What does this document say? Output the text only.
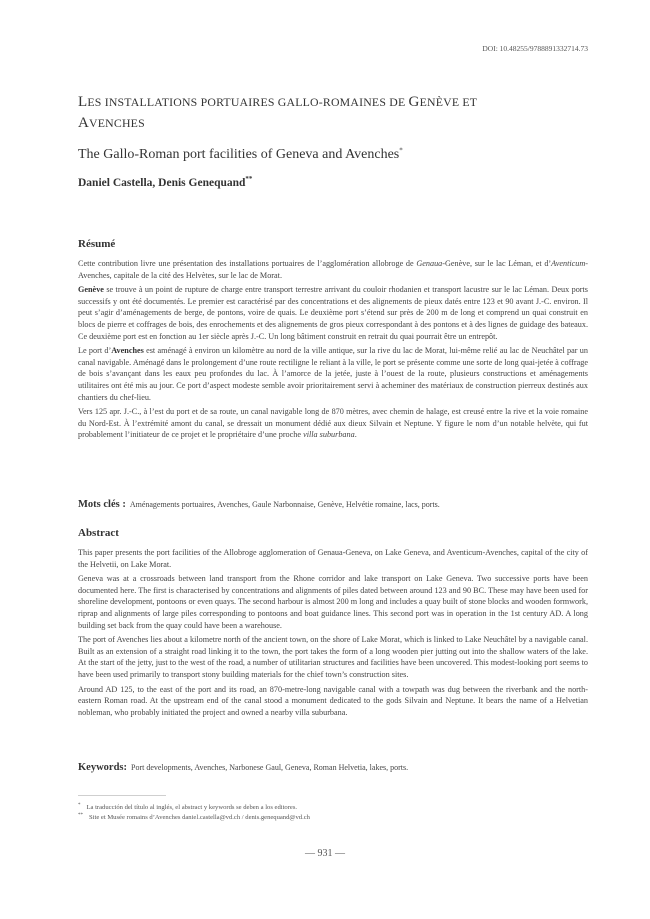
DOI: 10.48255/9788891332714.73
LES INSTALLATIONS PORTUAIRES GALLO-ROMAINES DE GENÈVE ET
AVENCHES
The Gallo-Roman port facilities of Geneva and Avenches*
Daniel Castella, Denis Genequand**
Résumé

Cette contribution livre une présentation des installations portuaires de l’agglomération allobroge de Genaua-Genève, sur le lac Léman, et d’Aventicum-Avenches, capitale de la cité des Helvètes, sur le lac de Morat.

Genève se trouve à un point de rupture de charge entre transport terrestre arrivant du couloir rhodanien et transport lacustre sur le lac Léman. Deux ports successifs y ont été documentés. Le premier est caractérisé par des concentrations et des alignements de pieux datés entre 123 et 90 avant J.-C. environ. Il peut s’agir d’aménagements de berge, de pontons, voire de quais. Le deuxième port s’étend sur près de 200 m de long et comprend un quai construit en blocs de pierre et coffrages de bois, des enrochements et des alignements de gros pieux correspondant à des pontons et à des lignes de guidage des bateaux. Ce deuxième port est en fonction au 1er siècle après J.-C. Un long bâtiment construit en retrait du quai pourrait être un entrepôt.

Le port d’Avenches est aménagé à environ un kilomètre au nord de la ville antique, sur la rive du lac de Morat, lui-même relié au lac de Neuchâtel par un canal navigable. Aménagé dans le prolongement d’une route rectiligne le reliant à la ville, le port se présente comme une sorte de long quai-jetée à coffrage de bois s’avançant dans les eaux peu profondes du lac. À l’amorce de la jetée, juste à l’ouest de la route, plusieurs constructions et aménagements utilitaires ont été mis au jour. Ce port d’aspect modeste semble avoir prioritairement servi à acheminer des matériaux de construction pierreux destinés aux chantiers du chef-lieu.

Vers 125 apr. J.-C., à l’est du port et de sa route, un canal navigable long de 870 mètres, avec chemin de halage, est creusé entre la rive et la voie romaine du Nord-Est. À l’extrémité amont du canal, se dressait un monument dédié aux dieux Silvain et Neptune. Y figure le nom d’un notable helvète, qui fut probablement l’initiateur de ce projet et le propriétaire d’une proche villa suburbana.

Mots clés : Aménagements portuaires, Avenches, Gaule Narbonnaise, Genève, Helvétie romaine, lacs, ports.
Abstract

This paper presents the port facilities of the Allobroge agglomeration of Genaua-Geneva, on Lake Geneva, and Aventicum-Avenches, capital of the city of the Helvetii, on Lake Morat.

Geneva was at a crossroads between land transport from the Rhone corridor and lake transport on Lake Geneva. Two successive ports have been documented here. The first is characterised by concentrations and alignments of piles dated between around 123 and 90 BC. These may have been used for shoreline development, pontoons or even quays. The second harbour is almost 200 m long and includes a quay built of stone blocks and wooden formwork, riprap and alignments of large piles corresponding to pontoons and boat guidance lines. This second port was in operation in the 1st century AD. A long building set back from the quay could have been a warehouse.

The port of Avenches lies about a kilometre north of the ancient town, on the shore of Lake Morat, which is linked to Lake Neuchâtel by a navigable canal. Built as an extension of a straight road linking it to the town, the port takes the form of a long wooden pier jutting out into the shallow waters of the lake. At the start of the jetty, just to the west of the road, a number of utilitarian structures and facilities have been uncovered. This modest-looking port seems to have been used primarily to transport stony building materials for the chief town’s construction sites.

Around AD 125, to the east of the port and its road, an 870-metre-long navigable canal with a towpath was dug between the riverbank and the north-eastern Roman road. At the upstream end of the canal stood a monument dedicated to the gods Silvain and Neptune. It bears the name of a Helvetian nobleman, who probably initiated the project and owned a nearby villa suburbana.

Keywords: Port developments, Avenches, Narbonese Gaul, Geneva, Roman Helvetia, lakes, ports.
* La traducción del título al inglés, el abstract y keywords se deben a los editores.
** Site et Musée romains d’Avenches daniel.castella@vd.ch / denis.genequand@vd.ch
— 931 —
